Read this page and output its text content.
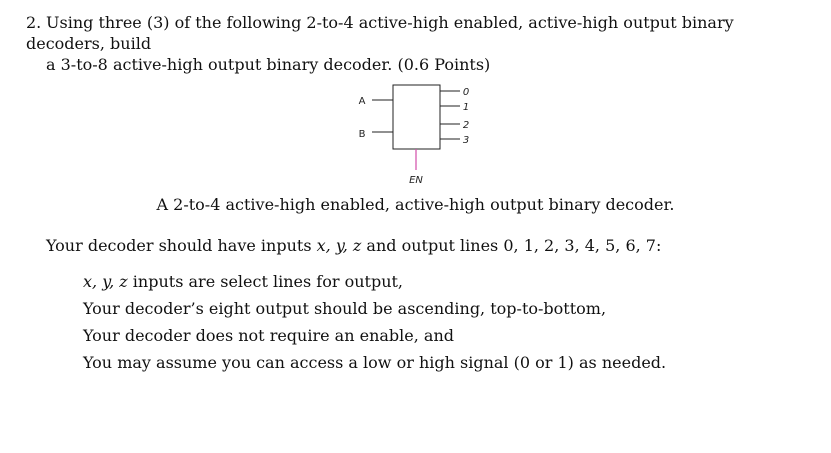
2. Using three (3) of the following 2-to-4 active-high enabled, active-high output binary decoders, build
a 3-to-8 active-high output binary decoder. (0.6 Points)
A
B
0
1
2
3
EN
A 2-to-4 active-high enabled, active-high output binary decoder.
Your decoder should have inputs x, y, z and output lines 0, 1, 2, 3, 4, 5, 6, 7:
x, y, z inputs are select lines for output,
Your decoder’s eight output should be ascending, top-to-bottom,
Your decoder does not require an enable, and
You may assume you can access a low or high signal (0 or 1) as needed.
